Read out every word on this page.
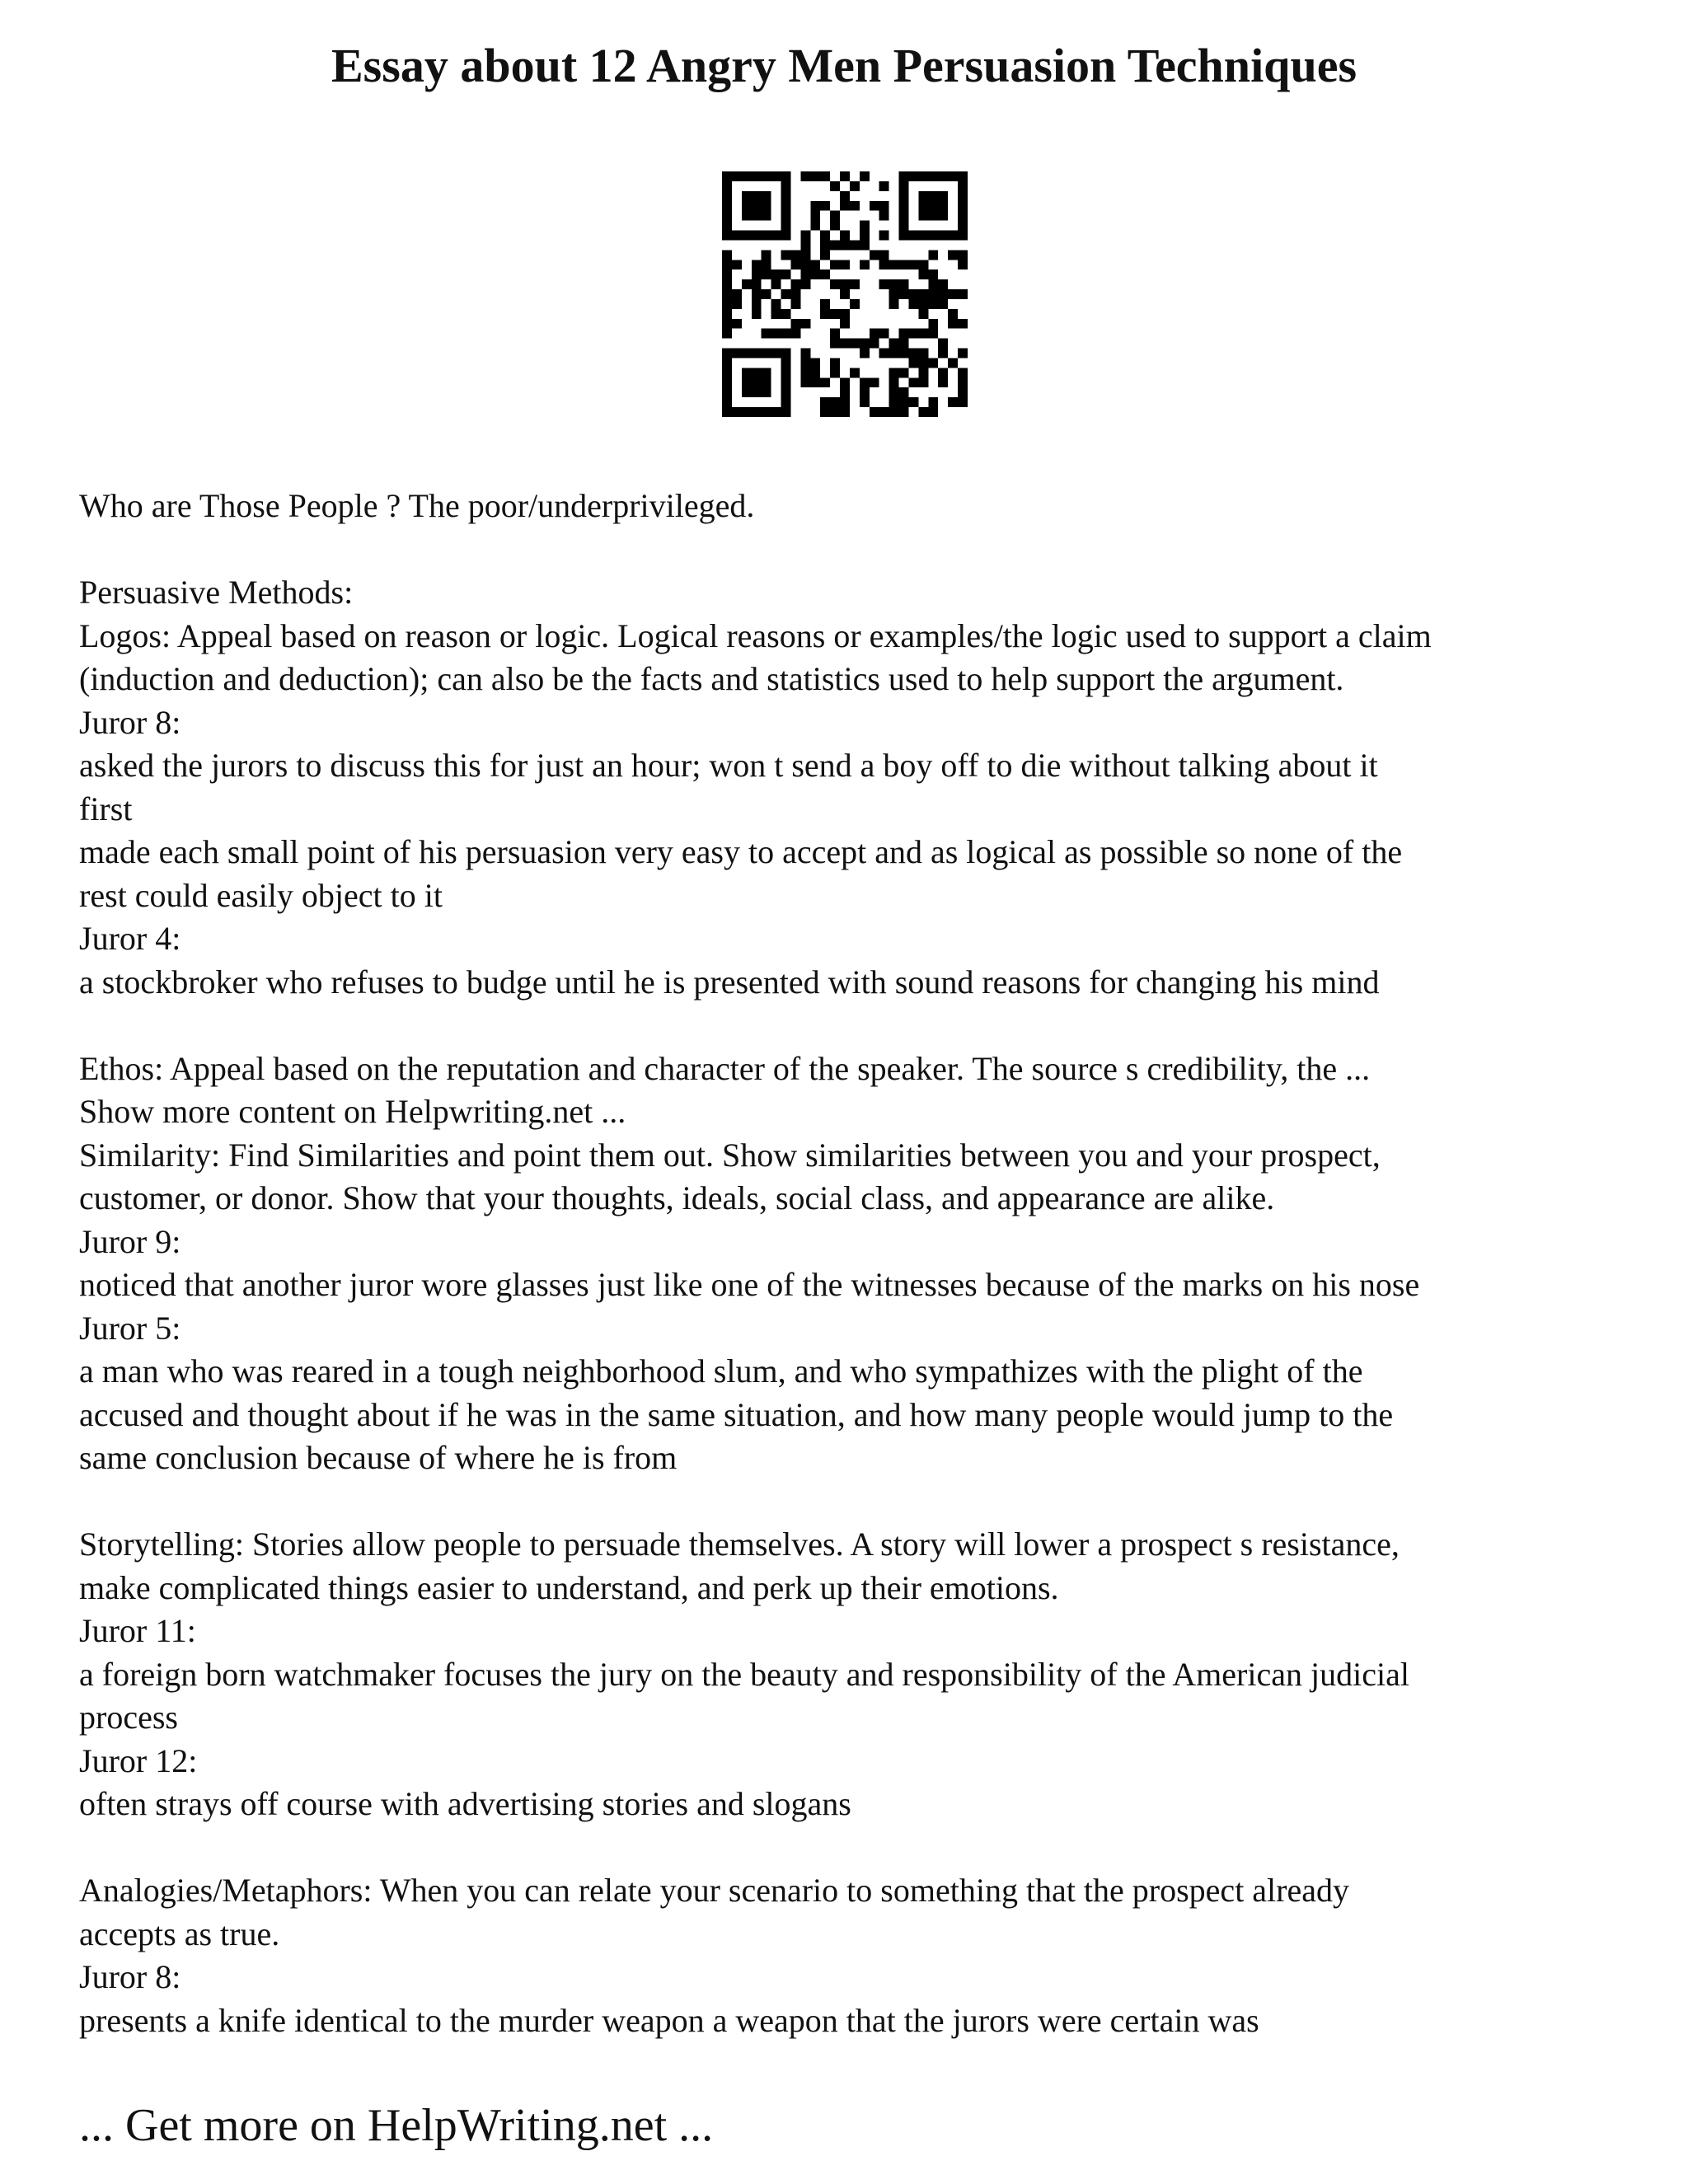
Essay about 12 Angry Men Persuasion Techniques
Who are Those People ? The poor/underprivileged.
Persuasive Methods:
Logos: Appeal based on reason or logic. Logical reasons or examples/the logic used to support a claim
(induction and deduction); can also be the facts and statistics used to help support the argument.
Juror 8:
asked the jurors to discuss this for just an hour; won t send a boy off to die without talking about it
first
made each small point of his persuasion very easy to accept and as logical as possible so none of the
rest could easily object to it
Juror 4:
a stockbroker who refuses to budge until he is presented with sound reasons for changing his mind
Ethos: Appeal based on the reputation and character of the speaker. The source s credibility, the ...
Show more content on Helpwriting.net ...
Similarity: Find Similarities and point them out. Show similarities between you and your prospect,
customer, or donor. Show that your thoughts, ideals, social class, and appearance are alike.
Juror 9:
noticed that another juror wore glasses just like one of the witnesses because of the marks on his nose
Juror 5:
a man who was reared in a tough neighborhood slum, and who sympathizes with the plight of the
accused and thought about if he was in the same situation, and how many people would jump to the
same conclusion because of where he is from
Storytelling: Stories allow people to persuade themselves. A story will lower a prospect s resistance,
make complicated things easier to understand, and perk up their emotions.
Juror 11:
a foreign born watchmaker focuses the jury on the beauty and responsibility of the American judicial
process
Juror 12:
often strays off course with advertising stories and slogans
Analogies/Metaphors: When you can relate your scenario to something that the prospect already
accepts as true.
Juror 8:
presents a knife identical to the murder weapon a weapon that the jurors were certain was

... Get more on HelpWriting.net ...
